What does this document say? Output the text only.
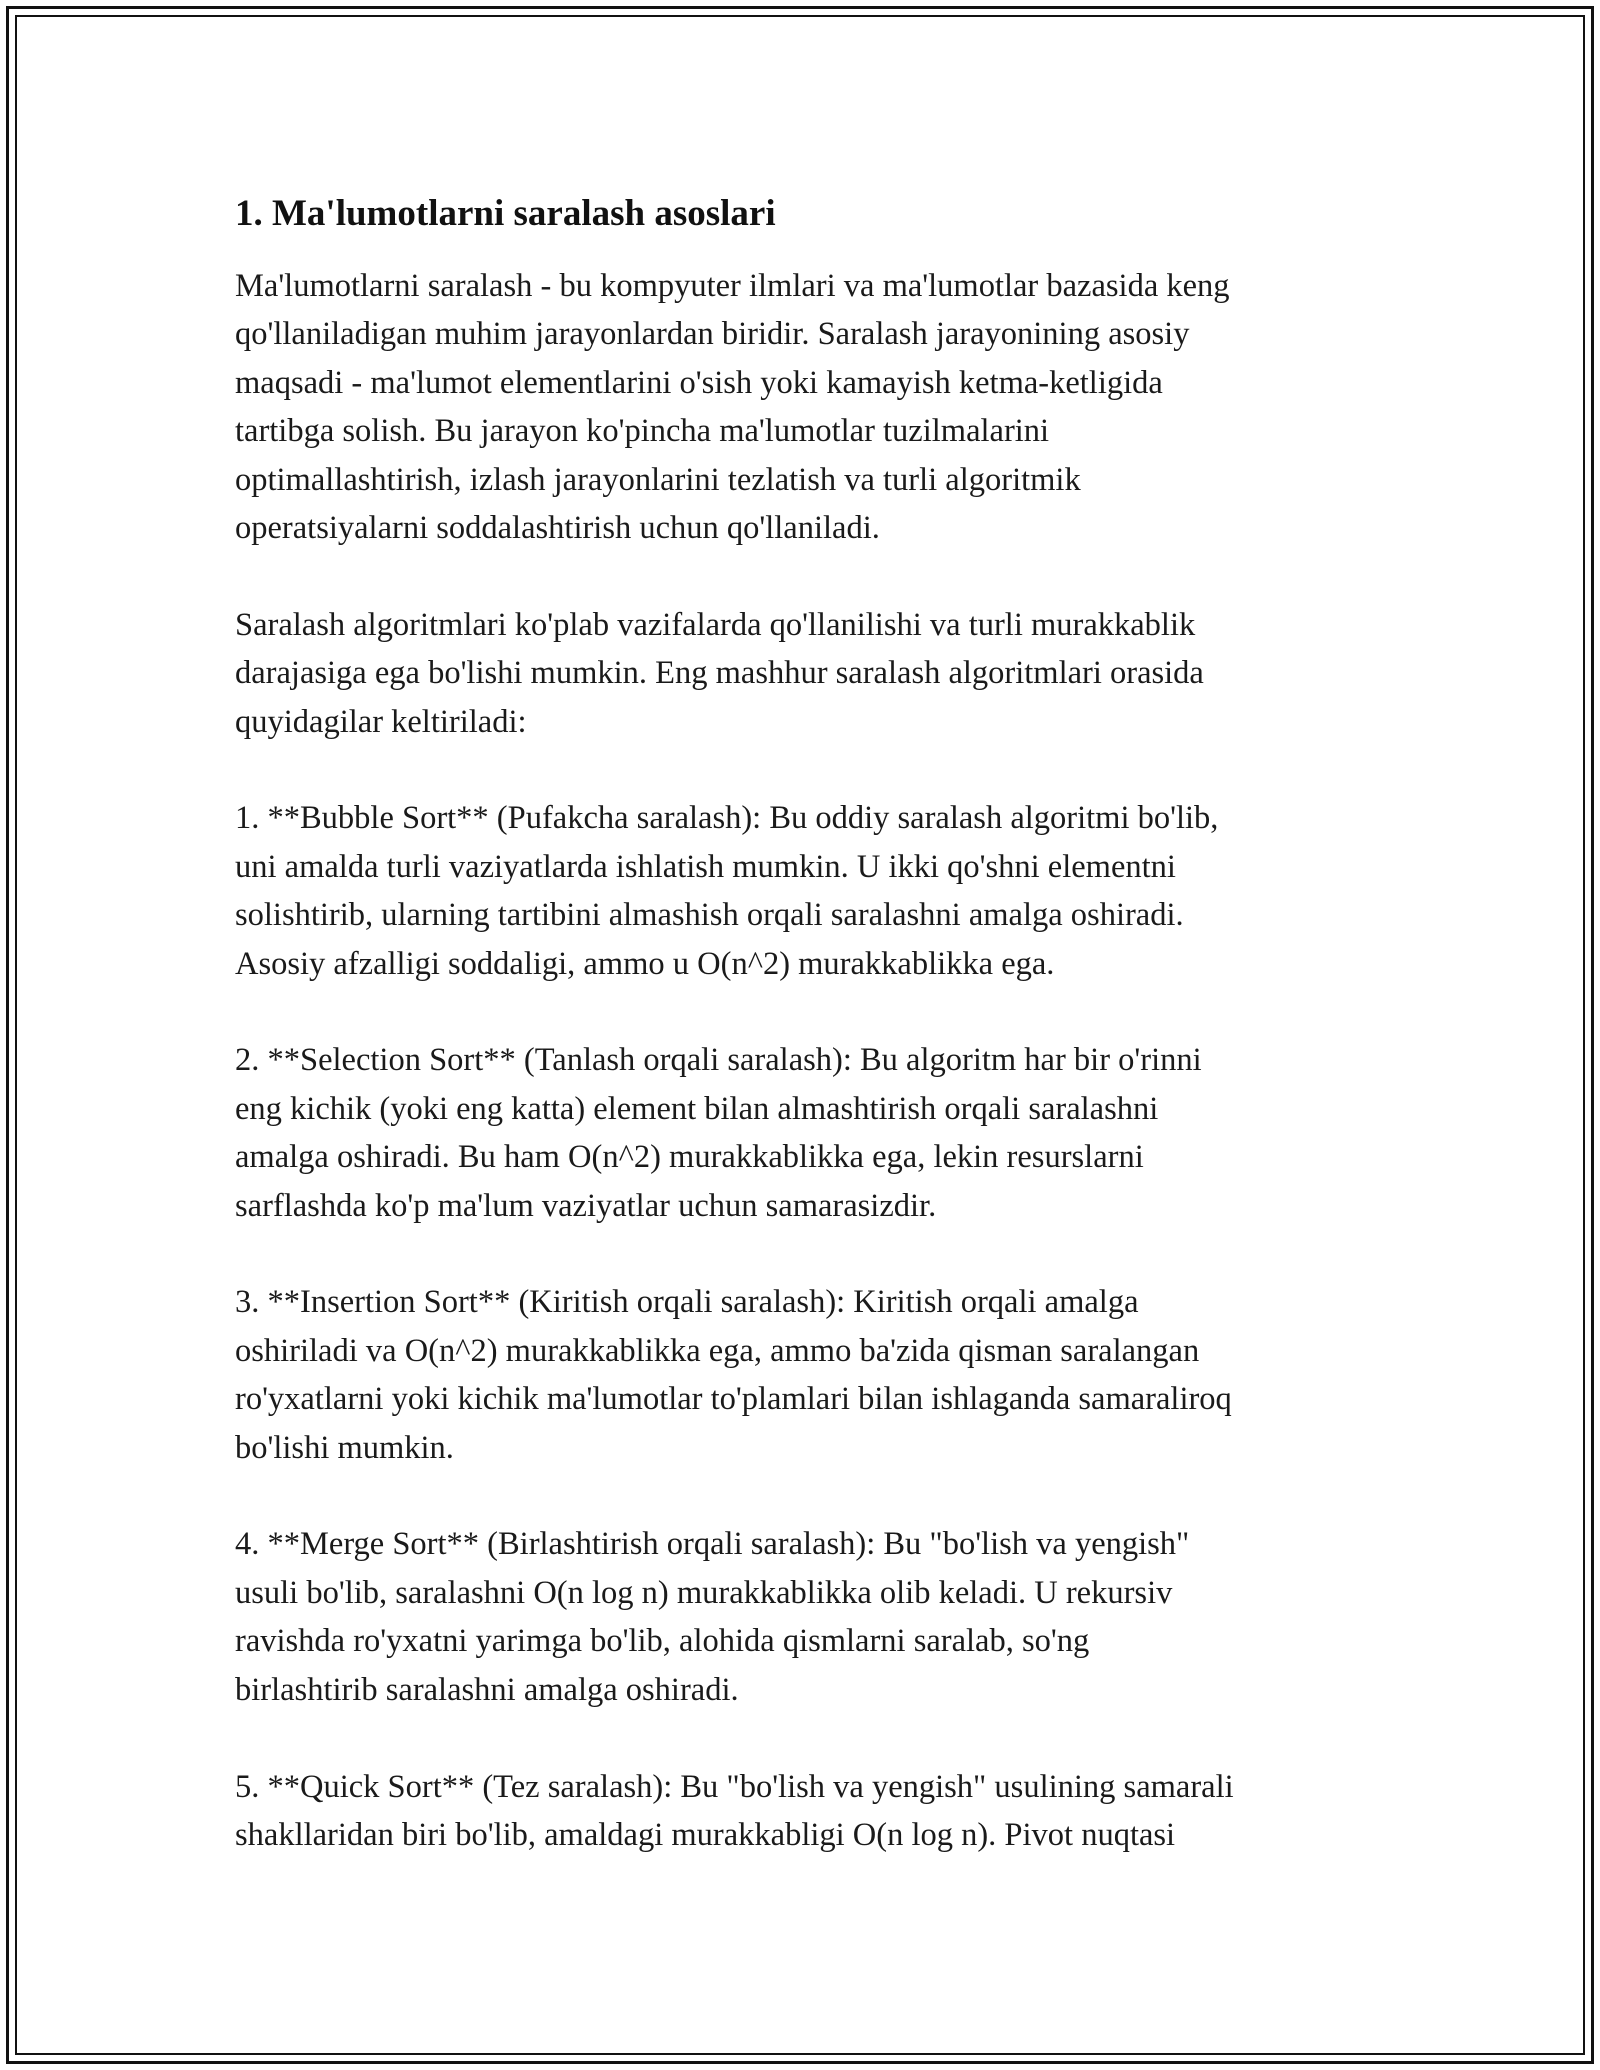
1. Ma'lumotlarni saralash asoslari

Ma'lumotlarni saralash - bu kompyuter ilmlari va ma'lumotlar bazasida keng
qo'llaniladigan muhim jarayonlardan biridir. Saralash jarayonining asosiy
maqsadi - ma'lumot elementlarini o'sish yoki kamayish ketma-ketligida
tartibga solish. Bu jarayon ko'pincha ma'lumotlar tuzilmalarini
optimallashtirish, izlash jarayonlarini tezlatish va turli algoritmik
operatsiyalarni soddalashtirish uchun qo'llaniladi.

Saralash algoritmlari ko'plab vazifalarda qo'llanilishi va turli murakkablik
darajasiga ega bo'lishi mumkin. Eng mashhur saralash algoritmlari orasida
quyidagilar keltiriladi:

1. **Bubble Sort** (Pufakcha saralash): Bu oddiy saralash algoritmi bo'lib,
uni amalda turli vaziyatlarda ishlatish mumkin. U ikki qo'shni elementni
solishtirib, ularning tartibini almashish orqali saralashni amalga oshiradi.
Asosiy afzalligi soddaligi, ammo u O(n^2) murakkablikka ega.

2. **Selection Sort** (Tanlash orqali saralash): Bu algoritm har bir o'rinni
eng kichik (yoki eng katta) element bilan almashtirish orqali saralashni
amalga oshiradi. Bu ham O(n^2) murakkablikka ega, lekin resurslarni
sarflashda ko'p ma'lum vaziyatlar uchun samarasizdir.

3. **Insertion Sort** (Kiritish orqali saralash): Kiritish orqali amalga
oshiriladi va O(n^2) murakkablikka ega, ammo ba'zida qisman saralangan
ro'yxatlarni yoki kichik ma'lumotlar to'plamlari bilan ishlaganda samaraliroq
bo'lishi mumkin.

4. **Merge Sort** (Birlashtirish orqali saralash): Bu "bo'lish va yengish"
usuli bo'lib, saralashni O(n log n) murakkablikka olib keladi. U rekursiv
ravishda ro'yxatni yarimga bo'lib, alohida qismlarni saralab, so'ng
birlashtirib saralashni amalga oshiradi.

5. **Quick Sort** (Tez saralash): Bu "bo'lish va yengish" usulining samarali
shakllaridan biri bo'lib, amaldagi murakkabligi O(n log n). Pivot nuqtasi
